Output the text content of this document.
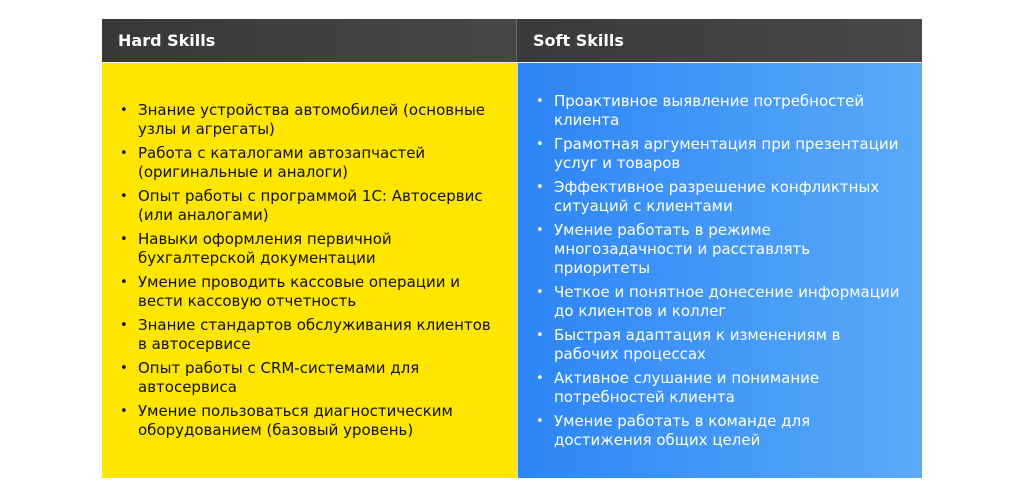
Hard Skills	Soft Skills
• Знание устройства автомобилей (основные узлы и агрегаты)
• Работа с каталогами автозапчастей (оригинальные и аналоги)
• Опыт работы с программой 1С: Автосервис (или аналогами)
• Навыки оформления первичной бухгалтерской документации
• Умение проводить кассовые операции и вести кассовую отчетность
• Знание стандартов обслуживания клиентов в автосервисе
• Опыт работы с CRM-системами для автосервиса
• Умение пользоваться диагностическим оборудованием (базовый уровень)
• Проактивное выявление потребностей клиента
• Грамотная аргументация при презентации услуг и товаров
• Эффективное разрешение конфликтных ситуаций с клиентами
• Умение работать в режиме многозадачности и расставлять приоритеты
• Четкое и понятное донесение информации до клиентов и коллег
• Быстрая адаптация к изменениям в рабочих процессах
• Активное слушание и понимание потребностей клиента
• Умение работать в команде для достижения общих целей
